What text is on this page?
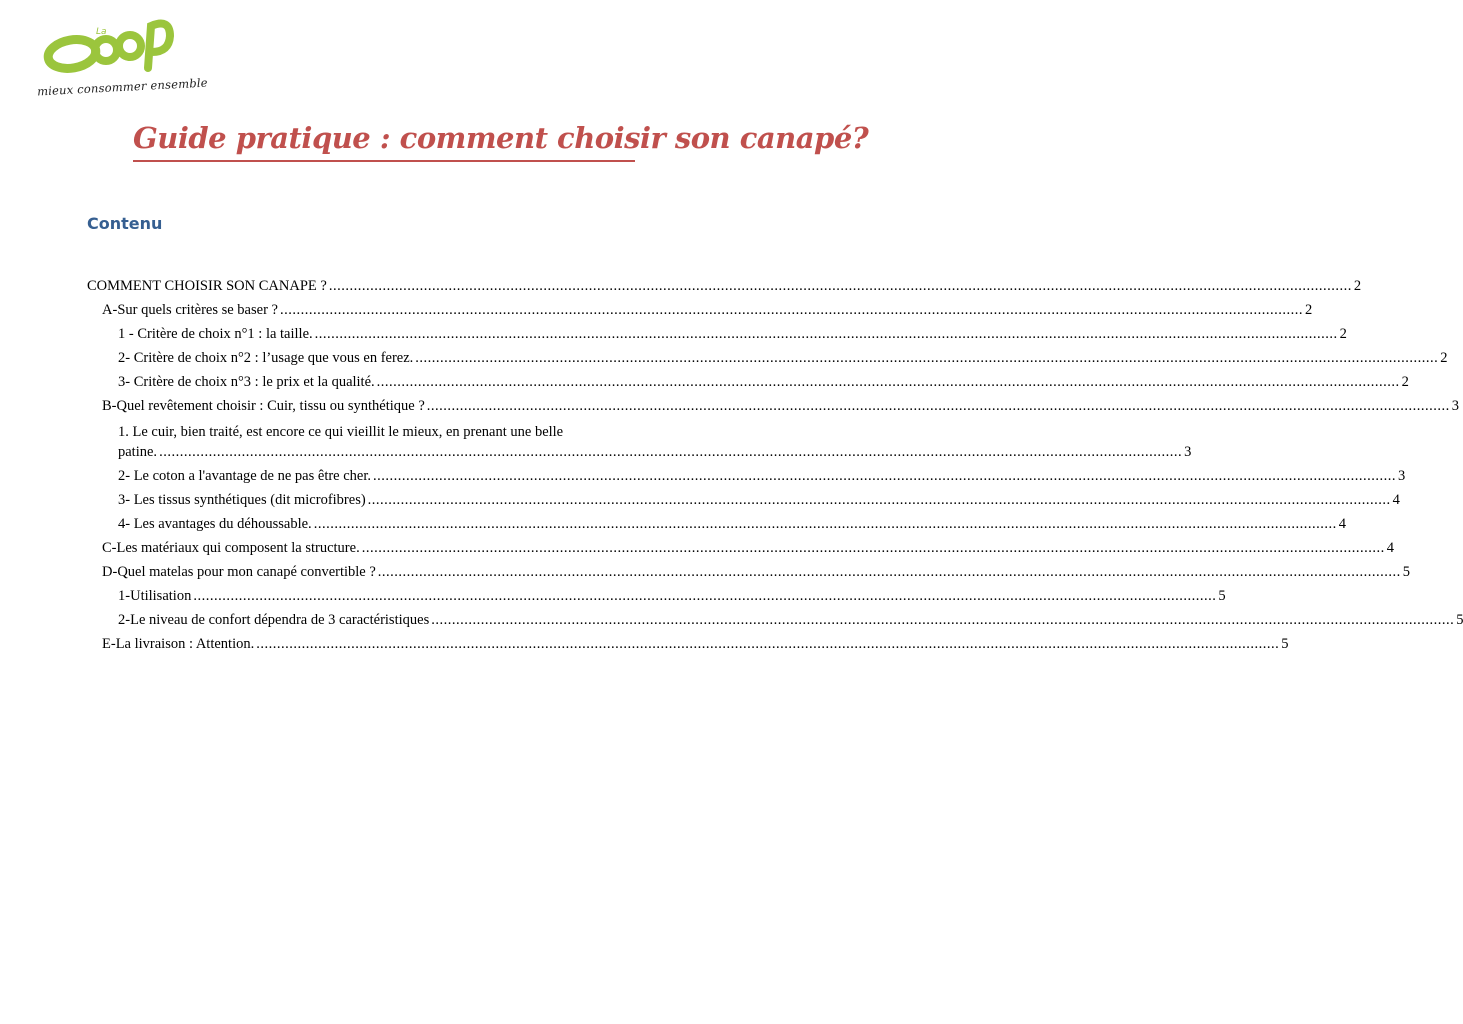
La
mieux consommer ensemble
Guide pratique : comment choisir son canapé?
Contenu
COMMENT CHOISIR SON CANAPE ? .....	2
A- Sur quels critères se baser ? .....	2
1 - Critère de choix n°1 : la taille. .....	2
2- Critère de choix n°2 : l’usage que vous en ferez. .....	2
3- Critère de choix n°3 : le prix et la qualité. .....	2
B- Quel revêtement choisir : Cuir, tissu ou synthétique ? .....	3
1. Le cuir, bien traité, est encore ce qui vieillit le mieux, en prenant une belle
patine. .....	3
2- Le coton a l'avantage de ne pas être cher. .....	3
3- Les tissus synthétiques (dit microfibres) .....	4
4- Les avantages du déhoussable. .....	4
C- Les matériaux qui composent la structure. .....	4
D- Quel matelas pour mon canapé convertible ? .....	5
1- Utilisation .....	5
2- Le niveau de confort dépendra de 3 caractéristiques .....	5
E- La livraison : Attention. .....	5
